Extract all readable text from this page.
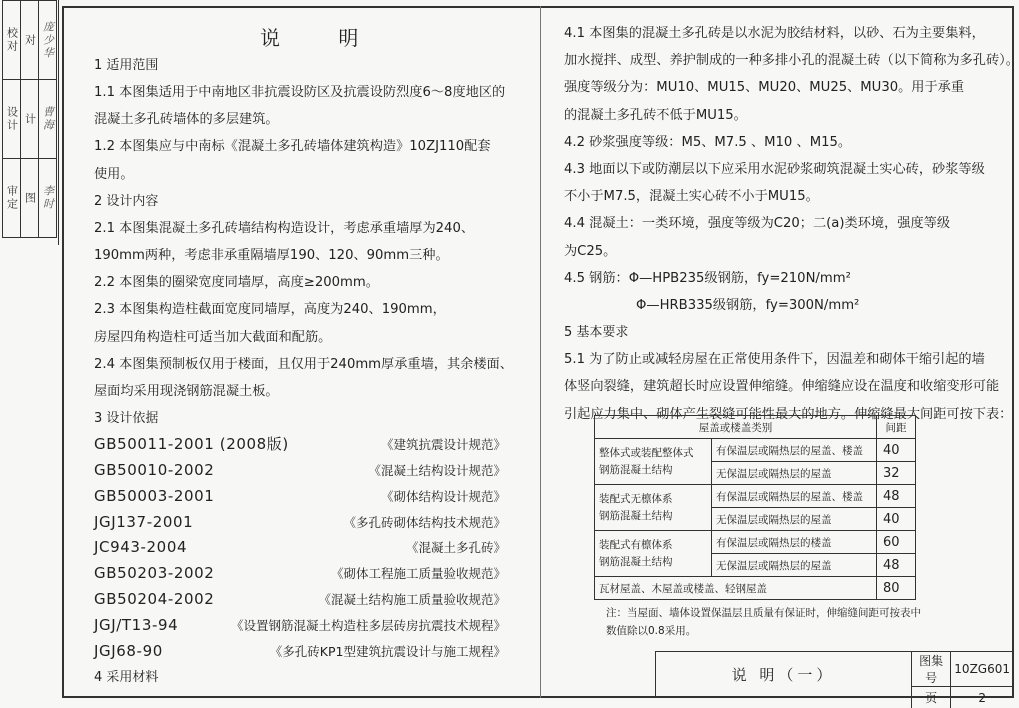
校对	对	庞少华
设计	计	曹海
审定	图	李时
说 明

1 适用范围

1.1 本图集适用于中南地区非抗震设防区及抗震设防烈度6～8度地区的

混凝土多孔砖墙体的多层建筑。

1.2 本图集应与中南标《混凝土多孔砖墙体建筑构造》10ZJ110配套

使用。

2 设计内容

2.1 本图集混凝土多孔砖墙结构构造设计，考虑承重墙厚为240、

190mm两种，考虑非承重隔墙厚190、120、90mm三种。

2.2 本图集的圈梁宽度同墙厚，高度≥200mm。

2.3 本图集构造柱截面宽度同墙厚，高度为240、190mm，

房屋四角构造柱可适当加大截面和配筋。

2.4 本图集预制板仅用于楼面，且仅用于240mm厚承重墙，其余楼面、

屋面均采用现浇钢筋混凝土板。

3 设计依据

GB50011-2001 (2008版)	《建筑抗震设计规范》
GB50010-2002	《混凝土结构设计规范》
GB50003-2001	《砌体结构设计规范》
JGJ137-2001	《多孔砖砌体结构技术规范》
JC943-2004	《混凝土多孔砖》
GB50203-2002	《砌体工程施工质量验收规范》
GB50204-2002	《混凝土结构施工质量验收规范》
JGJ/T13-94	《设置钢筋混凝土构造柱多层砖房抗震技术规程》
JGJ68-90	《多孔砖KP1型建筑抗震设计与施工规程》

4 采用材料

4.1 本图集的混凝土多孔砖是以水泥为胶结材料，以砂、石为主要集料，

加水搅拌、成型、养护制成的一种多排小孔的混凝土砖（以下简称为多孔砖）。

强度等级分为：MU10、MU15、MU20、MU25、MU30。用于承重

的混凝土多孔砖不低于MU15。

4.2 砂浆强度等级：M5、M7.5 、M10 、M15。

4.3 地面以下或防潮层以下应采用水泥砂浆砌筑混凝土实心砖，砂浆等级

不小于M7.5，混凝土实心砖不小于MU15。

4.4 混凝土：一类环境，强度等级为C20；二(a)类环境，强度等级

为C25。

4.5 钢筋：Φ—HPB235级钢筋，fy=210N/mm²

Φ—HRB335级钢筋，fy=300N/mm²

5 基本要求

5.1 为了防止或减轻房屋在正常使用条件下，因温差和砌体干缩引起的墙

体竖向裂缝，建筑超长时应设置伸缩缝。伸缩缝应设在温度和收缩变形可能

引起应力集中、砌体产生裂缝可能性最大的地方。伸缩缝最大间距可按下表：

屋盖或楼盖类别		间距
整体式或装配整体式
钢筋混凝土结构	有保温层或隔热层的屋盖、楼盖	40
	无保温层或隔热层的屋盖	32
装配式无檩体系
钢筋混凝土结构	有保温层或隔热层的屋盖、楼盖	48
	无保温层或隔热层的屋盖	40
装配式有檩体系
钢筋混凝土结构	有保温层或隔热层的楼盖	60
	无保温层或隔热层的屋盖	48
瓦材屋盖、木屋盖或楼盖、轻钢屋盖		80
注：当屋面、墙体设置保温层且质量有保证时，伸缩缝间距可按表中
数值除以0.8采用。
说 明（一）
图集号	10ZG601
页	2
